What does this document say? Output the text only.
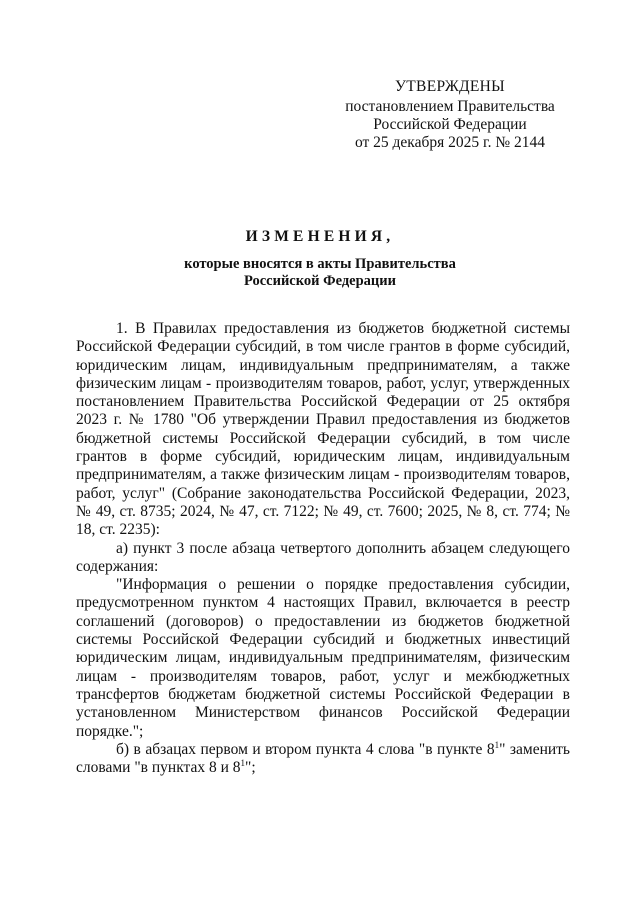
УТВЕРЖДЕНЫ
постановлением Правительства
Российской Федерации
от 25 декабря 2025 г. № 2144
ИЗМЕНЕНИЯ,
которые вносятся в акты Правительства
Российской Федерации

1. В Правилах предоставления из бюджетов бюджетной системы Российской Федерации субсидий, в том числе грантов в форме субсидий, юридическим лицам, индивидуальным предпринимателям, а также физическим лицам - производителям товаров, работ, услуг, утвержденных постановлением Правительства Российской Федерации от 25 октября 2023 г. № 1780 "Об утверждении Правил предоставления из бюджетов бюджетной системы Российской Федерации субсидий, в том числе грантов в форме субсидий, юридическим лицам, индивидуальным предпринимателям, а также физическим лицам - производителям товаров, работ, услуг" (Собрание законодательства Российской Федерации, 2023, № 49, ст. 8735; 2024, № 47, ст. 7122; № 49, ст. 7600; 2025, № 8, ст. 774; № 18, ст. 2235):

а) пункт 3 после абзаца четвертого дополнить абзацем следующего содержания:

"Информация о решении о порядке предоставления субсидии, предусмотренном пунктом 4 настоящих Правил, включается в реестр соглашений (договоров) о предоставлении из бюджетов бюджетной системы Российской Федерации субсидий и бюджетных инвестиций юридическим лицам, индивидуальным предпринимателям, физическим лицам - производителям товаров, работ, услуг и межбюджетных трансфертов бюджетам бюджетной системы Российской Федерации в установленном Министерством финансов Российской Федерации порядке.";

б) в абзацах первом и втором пункта 4 слова "в пункте $8^1$" заменить словами "в пунктах 8 и $8^1$";
